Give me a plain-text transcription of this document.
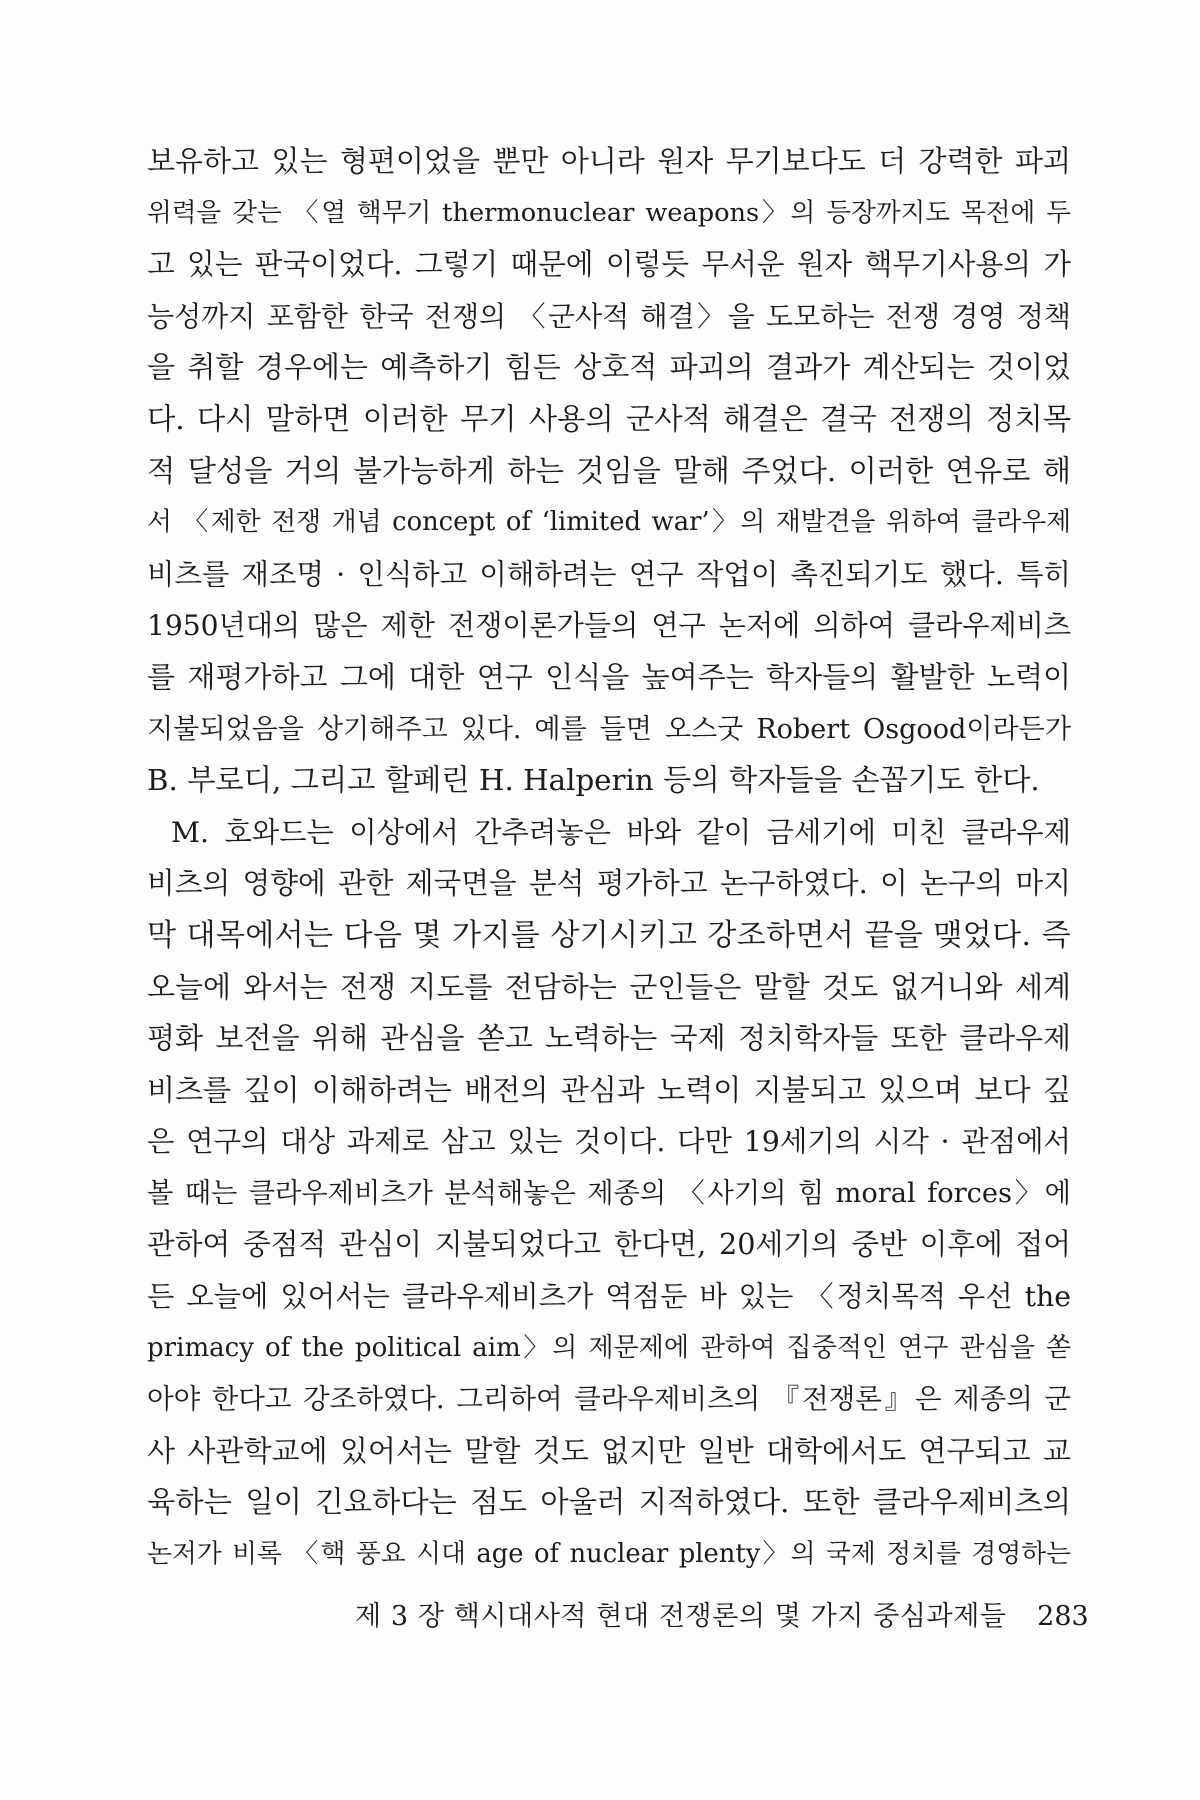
보유하고 있는 형편이었을 뿐만 아니라 원자 무기보다도 더 강력한 파괴
위력을 갖는 〈열 핵무기 thermonuclear weapons〉의 등장까지도 목전에 두
고 있는 판국이었다. 그렇기 때문에 이렇듯 무서운 원자 핵무기사용의 가
능성까지 포함한 한국 전쟁의 〈군사적 해결〉을 도모하는 전쟁 경영 정책
을 취할 경우에는 예측하기 힘든 상호적 파괴의 결과가 계산되는 것이었
다. 다시 말하면 이러한 무기 사용의 군사적 해결은 결국 전쟁의 정치목
적 달성을 거의 불가능하게 하는 것임을 말해 주었다. 이러한 연유로 해
서 〈제한 전쟁 개념 concept of ‘limited war’〉의 재발견을 위하여 클라우제
비츠를 재조명 · 인식하고 이해하려는 연구 작업이 촉진되기도 했다. 특히
1950년대의 많은 제한 전쟁이론가들의 연구 논저에 의하여 클라우제비츠
를 재평가하고 그에 대한 연구 인식을 높여주는 학자들의 활발한 노력이
지불되었음을 상기해주고 있다. 예를 들면 오스굿 Robert Osgood이라든가
B. 부로디, 그리고 할페린 H. Halperin 등의 학자들을 손꼽기도 한다.
M. 호와드는 이상에서 간추려놓은 바와 같이 금세기에 미친 클라우제
비츠의 영향에 관한 제국면을 분석 평가하고 논구하였다. 이 논구의 마지
막 대목에서는 다음 몇 가지를 상기시키고 강조하면서 끝을 맺었다. 즉
오늘에 와서는 전쟁 지도를 전담하는 군인들은 말할 것도 없거니와 세계
평화 보전을 위해 관심을 쏟고 노력하는 국제 정치학자들 또한 클라우제
비츠를 깊이 이해하려는 배전의 관심과 노력이 지불되고 있으며 보다 깊
은 연구의 대상 과제로 삼고 있는 것이다. 다만 19세기의 시각 · 관점에서
볼 때는 클라우제비츠가 분석해놓은 제종의 〈사기의 힘 moral forces〉에
관하여 중점적 관심이 지불되었다고 한다면, 20세기의 중반 이후에 접어
든 오늘에 있어서는 클라우제비츠가 역점둔 바 있는 〈정치목적 우선 the
primacy of the political aim〉의 제문제에 관하여 집중적인 연구 관심을 쏟
아야 한다고 강조하였다. 그리하여 클라우제비츠의 『전쟁론』은 제종의 군
사 사관학교에 있어서는 말할 것도 없지만 일반 대학에서도 연구되고 교
육하는 일이 긴요하다는 점도 아울러 지적하였다. 또한 클라우제비츠의
논저가 비록 〈핵 풍요 시대 age of nuclear plenty〉의 국제 정치를 경영하는
제 3 장 핵시대사적 현대 전쟁론의 몇 가지 중심과제들 283
